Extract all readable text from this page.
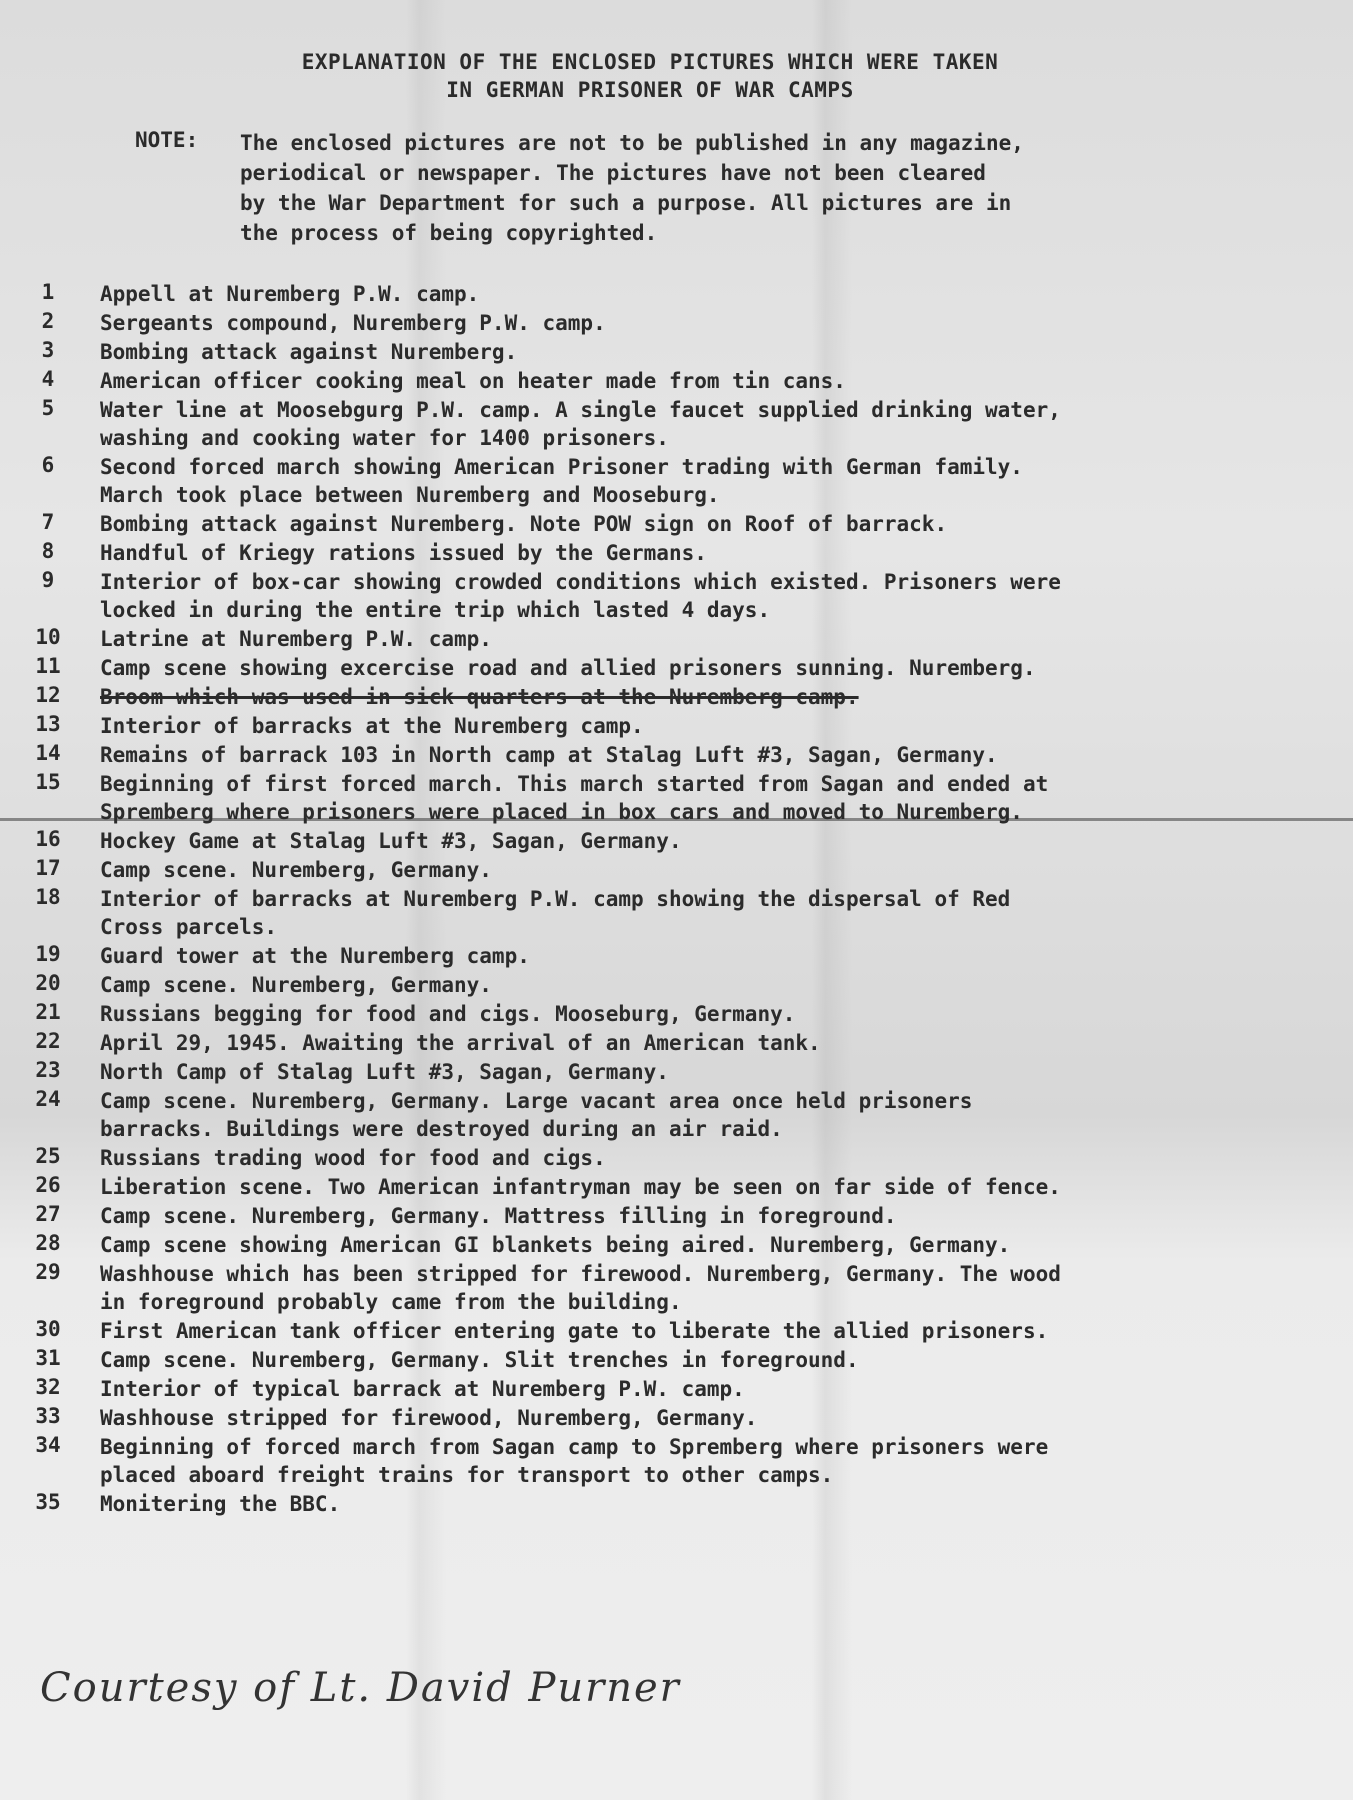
EXPLANATION OF THE ENCLOSED PICTURES WHICH WERE TAKEN
IN GERMAN PRISONER OF WAR CAMPS
NOTE: The enclosed pictures are not to be published in any magazine,
periodical or newspaper. The pictures have not been cleared
by the War Department for such a purpose. All pictures are in
the process of being copyrighted.
1	Appell at Nuremberg P.W. camp.
2	Sergeants compound, Nuremberg P.W. camp.
3	Bombing attack against Nuremberg.
4	American officer cooking meal on heater made from tin cans.
5	Water line at Moosebgurg P.W. camp. A single faucet supplied drinking water,
washing and cooking water for 1400 prisoners.
6	Second forced march showing American Prisoner trading with German family.
March took place between Nuremberg and Mooseburg.
7	Bombing attack against Nuremberg. Note POW sign on Roof of barrack.
8	Handful of Kriegy rations issued by the Germans.
9	Interior of box-car showing crowded conditions which existed. Prisoners were
locked in during the entire trip which lasted 4 days.
10	Latrine at Nuremberg P.W. camp.
11	Camp scene showing excercise road and allied prisoners sunning. Nuremberg.
12	Broom which was used in sick quarters at the Nuremberg camp.
13	Interior of barracks at the Nuremberg camp.
14	Remains of barrack 103 in North camp at Stalag Luft #3, Sagan, Germany.
15	Beginning of first forced march. This march started from Sagan and ended at
Spremberg where prisoners were placed in box cars and moved to Nuremberg.
16	Hockey Game at Stalag Luft #3, Sagan, Germany.
17	Camp scene. Nuremberg, Germany.
18	Interior of barracks at Nuremberg P.W. camp showing the dispersal of Red
Cross parcels.
19	Guard tower at the Nuremberg camp.
20	Camp scene. Nuremberg, Germany.
21	Russians begging for food and cigs. Mooseburg, Germany.
22	April 29, 1945. Awaiting the arrival of an American tank.
23	North Camp of Stalag Luft #3, Sagan, Germany.
24	Camp scene. Nuremberg, Germany. Large vacant area once held prisoners
barracks. Buildings were destroyed during an air raid.
25	Russians trading wood for food and cigs.
26	Liberation scene. Two American infantryman may be seen on far side of fence.
27	Camp scene. Nuremberg, Germany. Mattress filling in foreground.
28	Camp scene showing American GI blankets being aired. Nuremberg, Germany.
29	Washhouse which has been stripped for firewood. Nuremberg, Germany. The wood
in foreground probably came from the building.
30	First American tank officer entering gate to liberate the allied prisoners.
31	Camp scene. Nuremberg, Germany. Slit trenches in foreground.
32	Interior of typical barrack at Nuremberg P.W. camp.
33	Washhouse stripped for firewood, Nuremberg, Germany.
34	Beginning of forced march from Sagan camp to Spremberg where prisoners were
placed aboard freight trains for transport to other camps.
35	Monitering the BBC.
Courtesy of Lt. David Purner
